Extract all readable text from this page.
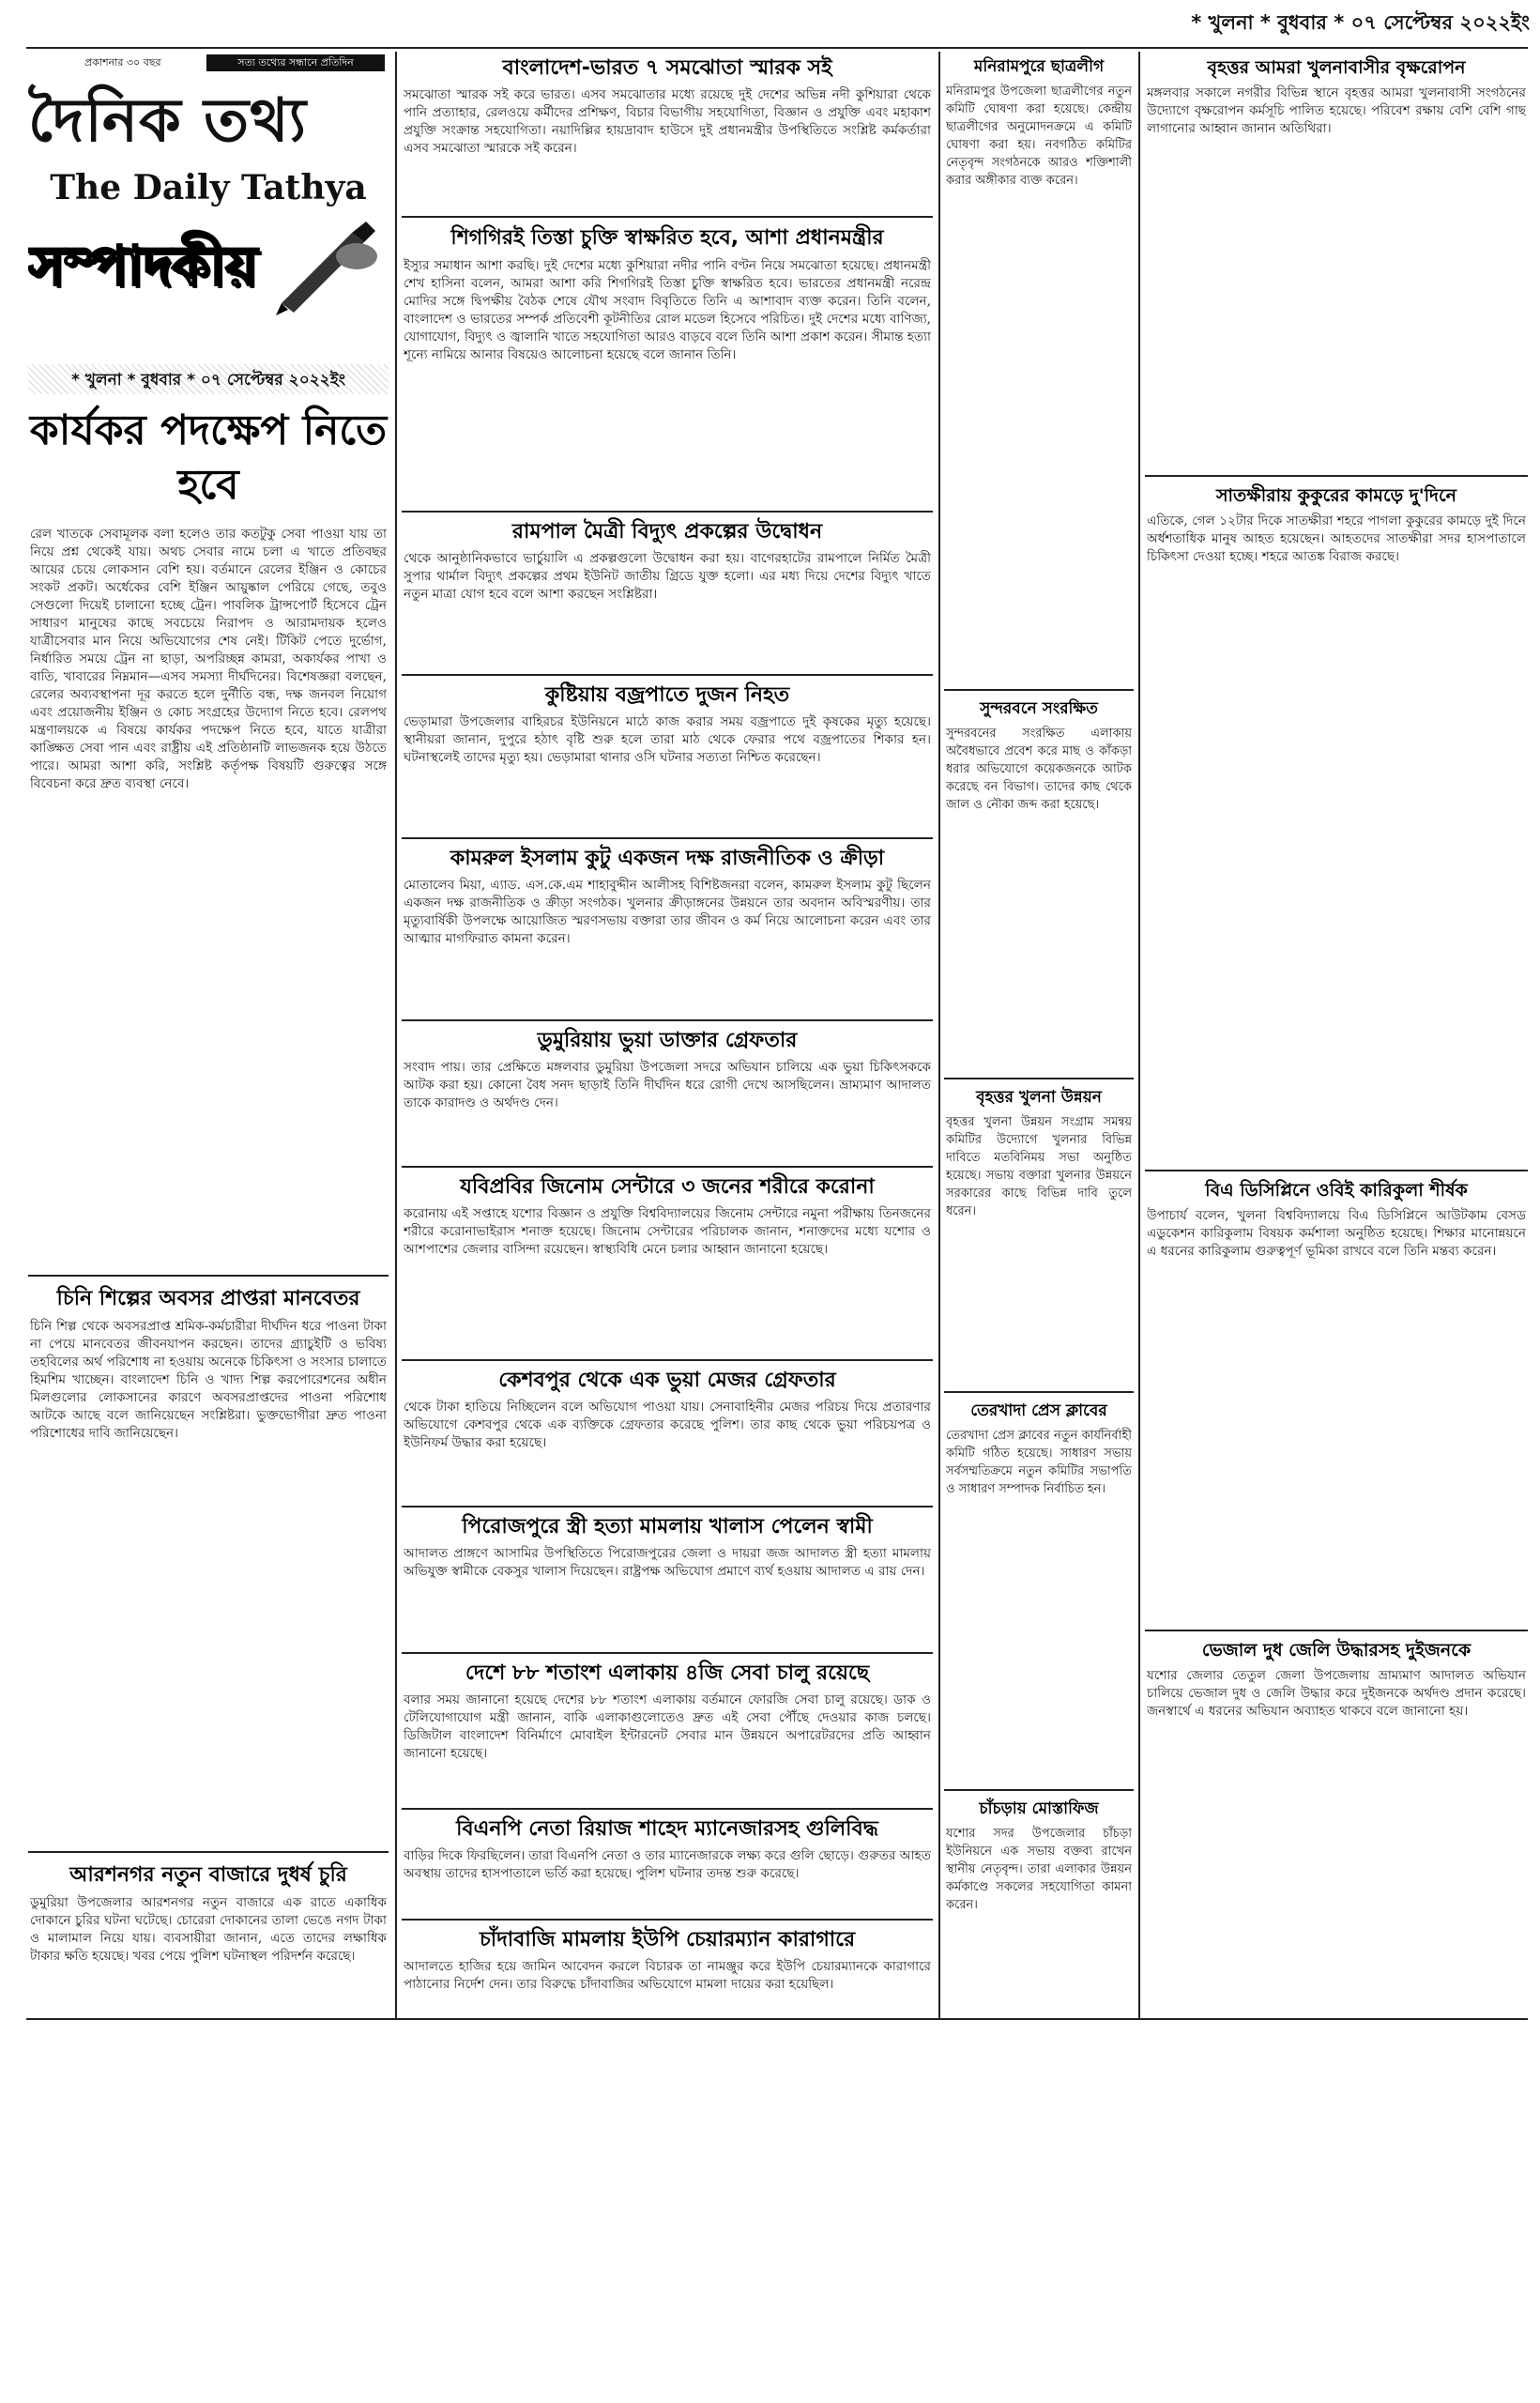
* খুলনা * বুধবার * ০৭ সেপ্টেম্বর ২০২২ইং
প্রকাশনার ৩০ বছর	সত্য তথ্যের সন্ধানে প্রতিদিন
দৈনিক তথ্য
The Daily Tathya
সম্পাদকীয়
* খুলনা * বুধবার * ০৭ সেপ্টেম্বর ২০২২ইং
কার্যকর পদক্ষেপ নিতে হবে
রেল খাতকে সেবামূলক বলা হলেও তার কতটুকু সেবা পাওয়া যায় তা নিয়ে প্রশ্ন থেকেই যায়। অথচ সেবার নামে চলা এ খাতে প্রতিবছর আয়ের চেয়ে লোকসান বেশি হয়। বর্তমানে রেলের ইঞ্জিন ও কোচের সংকট প্রকট। অর্ধেকের বেশি ইঞ্জিন আয়ুষ্কাল পেরিয়ে গেছে, তবুও সেগুলো দিয়েই চালানো হচ্ছে ট্রেন। পাবলিক ট্রান্সপোর্ট হিসেবে ট্রেন সাধারণ মানুষের কাছে সবচেয়ে নিরাপদ ও আরামদায়ক হলেও যাত্রীসেবার মান নিয়ে অভিযোগের শেষ নেই। টিকিট পেতে দুর্ভোগ, নির্ধারিত সময়ে ট্রেন না ছাড়া, অপরিচ্ছন্ন কামরা, অকার্যকর পাখা ও বাতি, খাবারের নিম্নমান—এসব সমস্যা দীর্ঘদিনের। বিশেষজ্ঞরা বলছেন, রেলের অব্যবস্থাপনা দূর করতে হলে দুর্নীতি বন্ধ, দক্ষ জনবল নিয়োগ এবং প্রয়োজনীয় ইঞ্জিন ও কোচ সংগ্রহের উদ্যোগ নিতে হবে। রেলপথ মন্ত্রণালয়কে এ বিষয়ে কার্যকর পদক্ষেপ নিতে হবে, যাতে যাত্রীরা কাঙ্ক্ষিত সেবা পান এবং রাষ্ট্রীয় এই প্রতিষ্ঠানটি লাভজনক হয়ে উঠতে পারে। আমরা আশা করি, সংশ্লিষ্ট কর্তৃপক্ষ বিষয়টি গুরুত্বের সঙ্গে বিবেচনা করে দ্রুত ব্যবস্থা নেবে।
চিনি শিল্পের অবসর প্রাপ্তরা মানবেতর
চিনি শিল্প থেকে অবসরপ্রাপ্ত শ্রমিক-কর্মচারীরা দীর্ঘদিন ধরে পাওনা টাকা না পেয়ে মানবেতর জীবনযাপন করছেন। তাদের গ্র্যাচুইটি ও ভবিষ্য তহবিলের অর্থ পরিশোধ না হওয়ায় অনেকে চিকিৎসা ও সংসার চালাতে হিমশিম খাচ্ছেন। বাংলাদেশ চিনি ও খাদ্য শিল্প করপোরেশনের অধীন মিলগুলোর লোকসানের কারণে অবসরপ্রাপ্তদের পাওনা পরিশোধ আটকে আছে বলে জানিয়েছেন সংশ্লিষ্টরা। ভুক্তভোগীরা দ্রুত পাওনা পরিশোধের দাবি জানিয়েছেন।
আরশনগর নতুন বাজারে দুধর্ষ চুরি
ডুমুরিয়া উপজেলার আরশনগর নতুন বাজারে এক রাতে একাধিক দোকানে চুরির ঘটনা ঘটেছে। চোরেরা দোকানের তালা ভেঙে নগদ টাকা ও মালামাল নিয়ে যায়। ব্যবসায়ীরা জানান, এতে তাদের লক্ষাধিক টাকার ক্ষতি হয়েছে। খবর পেয়ে পুলিশ ঘটনাস্থল পরিদর্শন করেছে।
বাংলাদেশ-ভারত ৭ সমঝোতা স্মারক সই
সমঝোতা স্মারক সই করে ভারত। এসব সমঝোতার মধ্যে রয়েছে দুই দেশের অভিন্ন নদী কুশিয়ারা থেকে পানি প্রত্যাহার, রেলওয়ে কর্মীদের প্রশিক্ষণ, বিচার বিভাগীয় সহযোগিতা, বিজ্ঞান ও প্রযুক্তি এবং মহাকাশ প্রযুক্তি সংক্রান্ত সহযোগিতা। নয়াদিল্লির হায়দ্রাবাদ হাউসে দুই প্রধানমন্ত্রীর উপস্থিতিতে সংশ্লিষ্ট কর্মকর্তারা এসব সমঝোতা স্মারকে সই করেন।
শিগগিরই তিস্তা চুক্তি স্বাক্ষরিত হবে, আশা প্রধানমন্ত্রীর
ইস্যুর সমাধান আশা করছি। দুই দেশের মধ্যে কুশিয়ারা নদীর পানি বণ্টন নিয়ে সমঝোতা হয়েছে। প্রধানমন্ত্রী শেখ হাসিনা বলেন, আমরা আশা করি শিগগিরই তিস্তা চুক্তি স্বাক্ষরিত হবে। ভারতের প্রধানমন্ত্রী নরেন্দ্র মোদির সঙ্গে দ্বিপক্ষীয় বৈঠক শেষে যৌথ সংবাদ বিবৃতিতে তিনি এ আশাবাদ ব্যক্ত করেন। তিনি বলেন, বাংলাদেশ ও ভারতের সম্পর্ক প্রতিবেশী কূটনীতির রোল মডেল হিসেবে পরিচিত। দুই দেশের মধ্যে বাণিজ্য, যোগাযোগ, বিদ্যুৎ ও জ্বালানি খাতে সহযোগিতা আরও বাড়বে বলে তিনি আশা প্রকাশ করেন। সীমান্ত হত্যা শূন্যে নামিয়ে আনার বিষয়েও আলোচনা হয়েছে বলে জানান তিনি।
রামপাল মৈত্রী বিদ্যুৎ প্রকল্পের উদ্বোধন
থেকে আনুষ্ঠানিকভাবে ভার্চুয়ালি এ প্রকল্পগুলো উদ্বোধন করা হয়। বাগেরহাটের রামপালে নির্মিত মৈত্রী সুপার থার্মাল বিদ্যুৎ প্রকল্পের প্রথম ইউনিট জাতীয় গ্রিডে যুক্ত হলো। এর মধ্য দিয়ে দেশের বিদ্যুৎ খাতে নতুন মাত্রা যোগ হবে বলে আশা করছেন সংশ্লিষ্টরা।
কুষ্টিয়ায় বজ্রপাতে দুজন নিহত
ভেড়ামারা উপজেলার বাহিরচর ইউনিয়নে মাঠে কাজ করার সময় বজ্রপাতে দুই কৃষকের মৃত্যু হয়েছে। স্থানীয়রা জানান, দুপুরে হঠাৎ বৃষ্টি শুরু হলে তারা মাঠ থেকে ফেরার পথে বজ্রপাতের শিকার হন। ঘটনাস্থলেই তাদের মৃত্যু হয়। ভেড়ামারা থানার ওসি ঘটনার সত্যতা নিশ্চিত করেছেন।
কামরুল ইসলাম কুটু একজন দক্ষ রাজনীতিক ও ক্রীড়া
মোতালেব মিয়া, এ্যাড. এস.কে.এম শাহাবুদ্দীন আলীসহ বিশিষ্টজনরা বলেন, কামরুল ইসলাম কুটু ছিলেন একজন দক্ষ রাজনীতিক ও ক্রীড়া সংগঠক। খুলনার ক্রীড়াঙ্গনের উন্নয়নে তার অবদান অবিস্মরণীয়। তার মৃত্যুবার্ষিকী উপলক্ষে আয়োজিত স্মরণসভায় বক্তারা তার জীবন ও কর্ম নিয়ে আলোচনা করেন এবং তার আত্মার মাগফিরাত কামনা করেন।
ডুমুরিয়ায় ভুয়া ডাক্তার গ্রেফতার
সংবাদ পায়। তার প্রেক্ষিতে মঙ্গলবার ডুমুরিয়া উপজেলা সদরে অভিযান চালিয়ে এক ভুয়া চিকিৎসককে আটক করা হয়। কোনো বৈধ সনদ ছাড়াই তিনি দীর্ঘদিন ধরে রোগী দেখে আসছিলেন। ভ্রাম্যমাণ আদালত তাকে কারাদণ্ড ও অর্থদণ্ড দেন।
যবিপ্রবির জিনোম সেন্টারে ৩ জনের শরীরে করোনা
করোনায় এই সপ্তাহে যশোর বিজ্ঞান ও প্রযুক্তি বিশ্ববিদ্যালয়ের জিনোম সেন্টারে নমুনা পরীক্ষায় তিনজনের শরীরে করোনাভাইরাস শনাক্ত হয়েছে। জিনোম সেন্টারের পরিচালক জানান, শনাক্তদের মধ্যে যশোর ও আশপাশের জেলার বাসিন্দা রয়েছেন। স্বাস্থ্যবিধি মেনে চলার আহ্বান জানানো হয়েছে।
কেশবপুর থেকে এক ভুয়া মেজর গ্রেফতার
থেকে টাকা হাতিয়ে নিচ্ছিলেন বলে অভিযোগ পাওয়া যায়। সেনাবাহিনীর মেজর পরিচয় দিয়ে প্রতারণার অভিযোগে কেশবপুর থেকে এক ব্যক্তিকে গ্রেফতার করেছে পুলিশ। তার কাছ থেকে ভুয়া পরিচয়পত্র ও ইউনিফর্ম উদ্ধার করা হয়েছে।
পিরোজপুরে স্ত্রী হত্যা মামলায় খালাস পেলেন স্বামী
আদালত প্রাঙ্গণে আসামির উপস্থিতিতে পিরোজপুরের জেলা ও দায়রা জজ আদালত স্ত্রী হত্যা মামলায় অভিযুক্ত স্বামীকে বেকসুর খালাস দিয়েছেন। রাষ্ট্রপক্ষ অভিযোগ প্রমাণে ব্যর্থ হওয়ায় আদালত এ রায় দেন।
দেশে ৮৮ শতাংশ এলাকায় ৪জি সেবা চালু রয়েছে
বলার সময় জানানো হয়েছে দেশের ৮৮ শতাংশ এলাকায় বর্তমানে ফোরজি সেবা চালু রয়েছে। ডাক ও টেলিযোগাযোগ মন্ত্রী জানান, বাকি এলাকাগুলোতেও দ্রুত এই সেবা পৌঁছে দেওয়ার কাজ চলছে। ডিজিটাল বাংলাদেশ বিনির্মাণে মোবাইল ইন্টারনেট সেবার মান উন্নয়নে অপারেটরদের প্রতি আহ্বান জানানো হয়েছে।
বিএনপি নেতা রিয়াজ শাহেদ ম্যানেজারসহ গুলিবিদ্ধ
বাড়ির দিকে ফিরছিলেন। তারা বিএনপি নেতা ও তার ম্যানেজারকে লক্ষ্য করে গুলি ছোড়ে। গুরুতর আহত অবস্থায় তাদের হাসপাতালে ভর্তি করা হয়েছে। পুলিশ ঘটনার তদন্ত শুরু করেছে।
চাঁদাবাজি মামলায় ইউপি চেয়ারম্যান কারাগারে
আদালতে হাজির হয়ে জামিন আবেদন করলে বিচারক তা নামঞ্জুর করে ইউপি চেয়ারম্যানকে কারাগারে পাঠানোর নির্দেশ দেন। তার বিরুদ্ধে চাঁদাবাজির অভিযোগে মামলা দায়ের করা হয়েছিল।
মনিরামপুরে ছাত্রলীগ
মনিরামপুর উপজেলা ছাত্রলীগের নতুন কমিটি ঘোষণা করা হয়েছে। কেন্দ্রীয় ছাত্রলীগের অনুমোদনক্রমে এ কমিটি ঘোষণা করা হয়। নবগঠিত কমিটির নেতৃবৃন্দ সংগঠনকে আরও শক্তিশালী করার অঙ্গীকার ব্যক্ত করেন।
সুন্দরবনে সংরক্ষিত
সুন্দরবনের সংরক্ষিত এলাকায় অবৈধভাবে প্রবেশ করে মাছ ও কাঁকড়া ধরার অভিযোগে কয়েকজনকে আটক করেছে বন বিভাগ। তাদের কাছ থেকে জাল ও নৌকা জব্দ করা হয়েছে।
বৃহত্তর খুলনা উন্নয়ন
বৃহত্তর খুলনা উন্নয়ন সংগ্রাম সমন্বয় কমিটির উদ্যোগে খুলনার বিভিন্ন দাবিতে মতবিনিময় সভা অনুষ্ঠিত হয়েছে। সভায় বক্তারা খুলনার উন্নয়নে সরকারের কাছে বিভিন্ন দাবি তুলে ধরেন।
তেরখাদা প্রেস ক্লাবের
তেরখাদা প্রেস ক্লাবের নতুন কার্যনির্বাহী কমিটি গঠিত হয়েছে। সাধারণ সভায় সর্বসম্মতিক্রমে নতুন কমিটির সভাপতি ও সাধারণ সম্পাদক নির্বাচিত হন।
চাঁচড়ায় মোস্তাফিজ
যশোর সদর উপজেলার চাঁচড়া ইউনিয়নে এক সভায় বক্তব্য রাখেন স্থানীয় নেতৃবৃন্দ। তারা এলাকার উন্নয়ন কর্মকাণ্ডে সকলের সহযোগিতা কামনা করেন।
বৃহত্তর আমরা খুলনাবাসীর বৃক্ষরোপন
মঙ্গলবার সকালে নগরীর বিভিন্ন স্থানে বৃহত্তর আমরা খুলনাবাসী সংগঠনের উদ্যোগে বৃক্ষরোপন কর্মসূচি পালিত হয়েছে। পরিবেশ রক্ষায় বেশি বেশি গাছ লাগানোর আহ্বান জানান অতিথিরা।
সাতক্ষীরায় কুকুরের কামড়ে দু'দিনে
এতিকে, গেল ১২টার দিকে সাতক্ষীরা শহরে পাগলা কুকুরের কামড়ে দুই দিনে অর্ধশতাধিক মানুষ আহত হয়েছেন। আহতদের সাতক্ষীরা সদর হাসপাতালে চিকিৎসা দেওয়া হচ্ছে। শহরে আতঙ্ক বিরাজ করছে।
বিএ ডিসিপ্লিনে ওবিই কারিকুলা শীর্ষক
উপাচার্য বলেন, খুলনা বিশ্ববিদ্যালয়ে বিএ ডিসিপ্লিনে আউটকাম বেসড এডুকেশন কারিকুলাম বিষয়ক কর্মশালা অনুষ্ঠিত হয়েছে। শিক্ষার মানোন্নয়নে এ ধরনের কারিকুলাম গুরুত্বপূর্ণ ভূমিকা রাখবে বলে তিনি মন্তব্য করেন।
ভেজাল দুধ জেলি উদ্ধারসহ দুইজনকে
যশোর জেলার তেতুল জেলা উপজেলায় ভ্রাম্যমাণ আদালত অভিযান চালিয়ে ভেজাল দুধ ও জেলি উদ্ধার করে দুইজনকে অর্থদণ্ড প্রদান করেছে। জনস্বার্থে এ ধরনের অভিযান অব্যাহত থাকবে বলে জানানো হয়।
